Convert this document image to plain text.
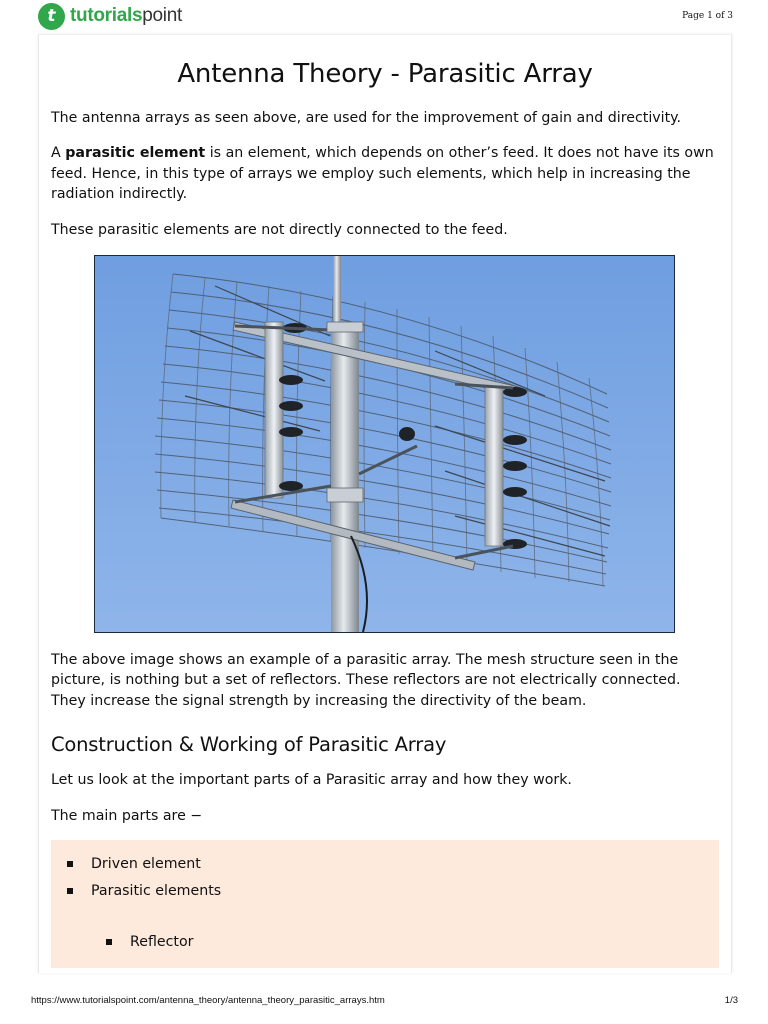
t tutorialspoint	Page 1 of 3
Antenna Theory - Parasitic Array

The antenna arrays as seen above, are used for the improvement of gain and directivity.

A parasitic element is an element, which depends on other’s feed. It does not have its own feed. Hence, in this type of arrays we employ such elements, which help in increasing the radiation indirectly.

These parasitic elements are not directly connected to the feed.

The above image shows an example of a parasitic array. The mesh structure seen in the picture, is nothing but a set of reflectors. These reflectors are not electrically connected. They increase the signal strength by increasing the directivity of the beam.

Construction & Working of Parasitic Array

Let us look at the important parts of a Parasitic array and how they work.

The main parts are −

Driven element
Parasitic elements
Reflector
https://www.tutorialspoint.com/antenna_theory/antenna_theory_parasitic_arrays.htm	1/3
